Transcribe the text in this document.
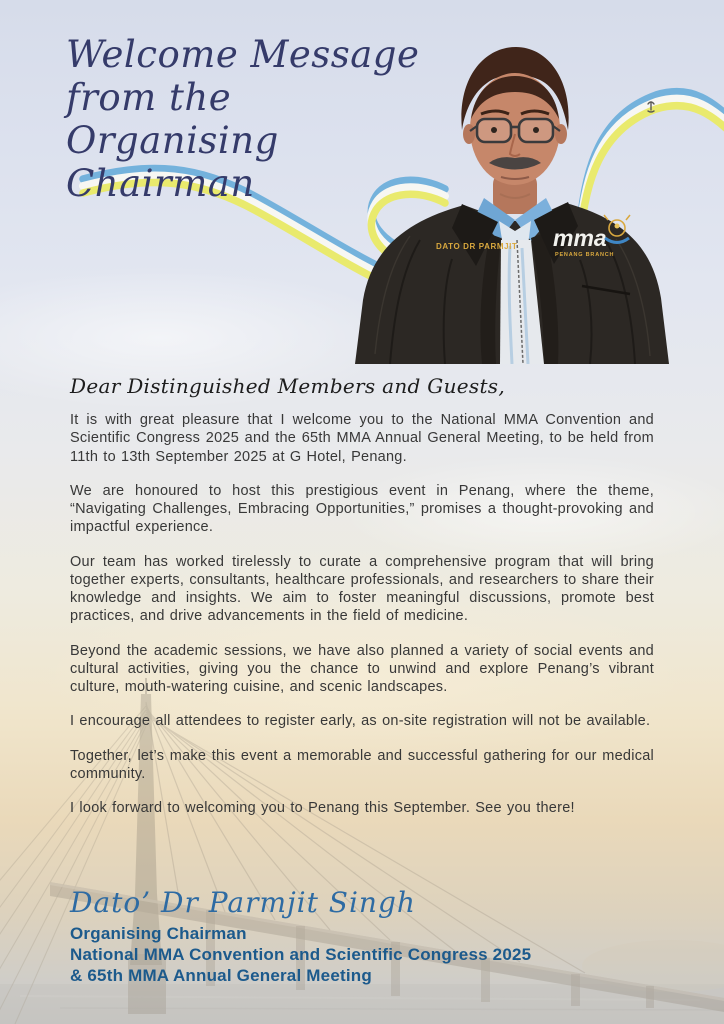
Welcome Message from the
Organising Chairman
DATO DR PARMJIT mma
PENANG BRANCH
Dear Distinguished Members and Guests,

It is with great pleasure that I welcome you to the National MMA Convention and Scientific Congress 2025 and the 65th MMA Annual General Meeting, to be held from 11th to 13th September 2025 at G Hotel, Penang.

We are honoured to host this prestigious event in Penang, where the theme, “Navigating Challenges, Embracing Opportunities,” promises a thought-provoking and impactful experience.

Our team has worked tirelessly to curate a comprehensive program that will bring together experts, consultants, healthcare professionals, and researchers to share their knowledge and insights. We aim to foster meaningful discussions, promote best practices, and drive advancements in the field of medicine.

Beyond the academic sessions, we have also planned a variety of social events and cultural activities, giving you the chance to unwind and explore Penang’s vibrant culture, mouth-watering cuisine, and scenic landscapes.

I encourage all attendees to register early, as on-site registration will not be available.

Together, let’s make this event a memorable and successful gathering for our medical community.

I look forward to welcoming you to Penang this September. See you there!

Dato’ Dr Parmjit Singh
Organising Chairman
National MMA Convention and Scientific Congress 2025
& 65th MMA Annual General Meeting
